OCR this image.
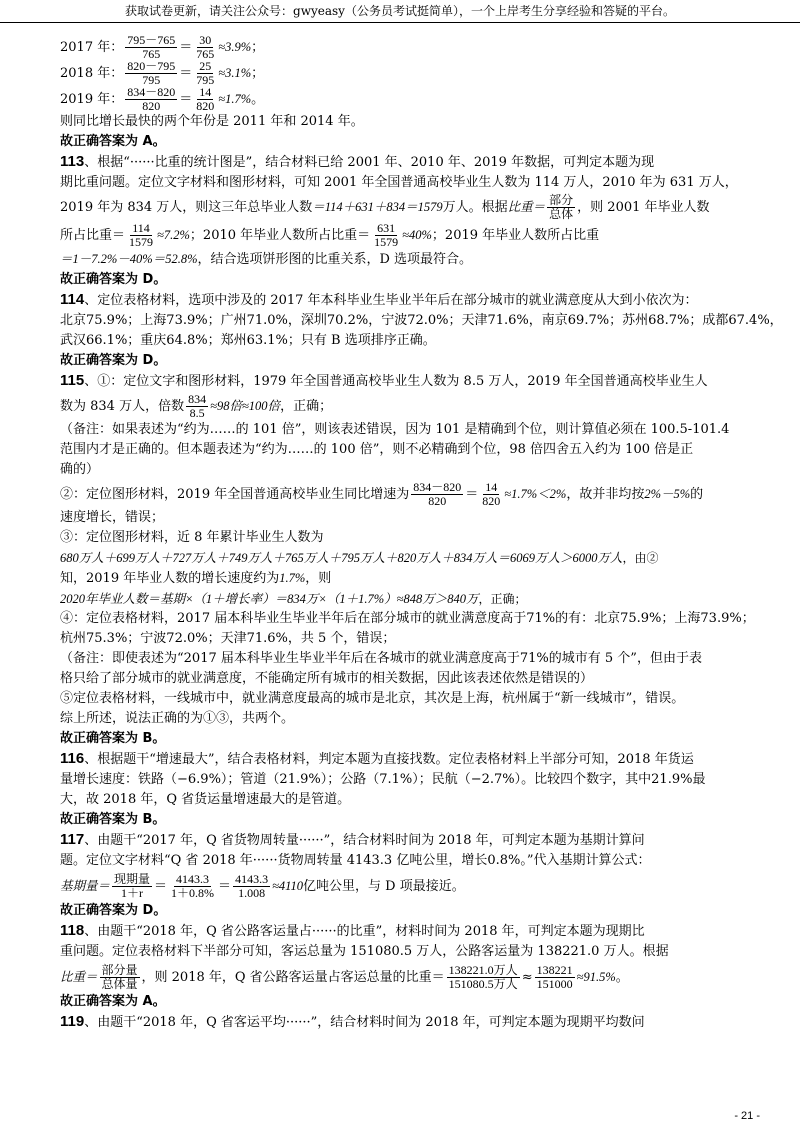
获取试卷更新，请关注公众号：gwyeasy（公务员考试挺简单），一个上岸考生分享经验和答疑的平台。
2017 年： $\frac{795-765}{765} = \frac{30}{765} \approx 3.9\%$；
2018 年： $\frac{820-795}{795} = \frac{25}{795} \approx 3.1\%$；
2019 年： $\frac{834-820}{820} = \frac{14}{820} \approx 1.7\%$。
则同比增长最快的两个年份是 2011 年和 2014 年。
故正确答案为 A。
113、根据“······比重的统计图是”，结合材料已给 2001 年、2010 年、2019 年数据，可判定本题为现
期比重问题。定位文字材料和图形材料，可知 2001 年全国普通高校毕业生人数为 114 万人，2010 年为 631 万人，
2019 年为 834 万人，则这三年总毕业人数＝114＋631＋834＝1579万人。根据比重＝ $\frac{\text{部分}}{\text{总体}}$ ，则 2001 年毕业人数
所占比重＝ $\frac{114}{1579} \approx 7.2\%$；2010 年毕业人数所占比重＝ $\frac{631}{1579} \approx 40\%$；2019 年毕业人数所占比重
＝1－7.2%－40%＝52.8%，结合选项饼形图的比重关系，D 选项最符合。
故正确答案为 D。
114、定位表格材料，选项中涉及的 2017 年本科毕业生毕业半年后在部分城市的就业满意度从大到小依次为：
北京75.9%；上海73.9%；广州71.0%，深圳70.2%，宁波72.0%；天津71.6%，南京69.7%；苏州68.7%；成都67.4%，
武汉66.1%；重庆64.8%；郑州63.1%；只有 B 选项排序正确。
故正确答案为 D。
115、①：定位文字和图形材料，1979 年全国普通高校毕业生人数为 8.5 万人，2019 年全国普通高校毕业生人
数为 834 万人，倍数 $\frac{834}{8.5} \approx 98$倍≈100倍，正确；
（备注：如果表述为“约为……的 101 倍”，则该表述错误，因为 101 是精确到个位，则计算值必须在 100.5-101.4
范围内才是正确的。但本题表述为“约为……的 100 倍”，则不必精确到个位，98 倍四舍五入约为 100 倍是正
确的）
②：定位图形材料，2019 年全国普通高校毕业生同比增速为 $\frac{834-820}{820} = \frac{14}{820} \approx 1.7\%<2\%$，故并非均按2%－5%的
速度增长，错误；
③：定位图形材料，近 8 年累计毕业生人数为
680万人＋699万人＋727万人＋749万人＋765万人＋795万人＋820万人＋834万人＝6069万人＞6000万人，由②
知，2019 年毕业人数的增长速度约为1.7%，则
2020年毕业人数＝基期×（1＋增长率）＝834万×（1＋1.7%）≈848万＞840万，正确；
④：定位表格材料，2017 届本科毕业生毕业半年后在部分城市的就业满意度高于71%的有：北京75.9%；上海73.9%；
杭州75.3%；宁波72.0%；天津71.6%，共 5 个，错误；
（备注：即使表述为“2017 届本科毕业生毕业半年后在各城市的就业满意度高于71%的城市有 5 个”，但由于表
格只给了部分城市的就业满意度，不能确定所有城市的相关数据，因此该表述依然是错误的）
⑤定位表格材料，一线城市中，就业满意度最高的城市是北京，其次是上海，杭州属于“新一线城市”，错误。
综上所述，说法正确的为①③，共两个。
故正确答案为 B。
116、根据题干“增速最大”，结合表格材料，判定本题为直接找数。定位表格材料上半部分可知，2018 年货运
量增长速度：铁路（−6.9%）；管道（21.9%）；公路（7.1%）；民航（−2.7%）。比较四个数字，其中21.9%最
大，故 2018 年，Q 省货运量增速最大的是管道。
故正确答案为 B。
117、由题干“2017 年，Q 省货物周转量······”，结合材料时间为 2018 年，可判定本题为基期计算问
题。定位文字材料“Q 省 2018 年······货物周转量 4143.3 亿吨公里，增长0.8%。”代入基期计算公式：
基期量＝ $\frac{\text{现期量}}{1+r} = \frac{4143.3}{1+0.8\%} = \frac{4143.3}{1.008} \approx 4110$亿吨公里，与 D 项最接近。
故正确答案为 D。
118、由题干“2018 年，Q 省公路客运量占······的比重”，材料时间为 2018 年，可判定本题为现期比
重问题。定位表格材料下半部分可知，客运总量为 151080.5 万人，公路客运量为 138221.0 万人。根据
比重＝ $\frac{\text{部分量}}{\text{总体量}}$ ，则 2018 年，Q 省公路客运量占客运总量的比重＝ $\frac{\text{138221.0万人}}{\text{151080.5万人}} \approx \frac{138221}{151000} \approx 91.5\%$。
故正确答案为 A。
119、由题干“2018 年，Q 省客运平均······”，结合材料时间为 2018 年，可判定本题为现期平均数问
- 21 -
